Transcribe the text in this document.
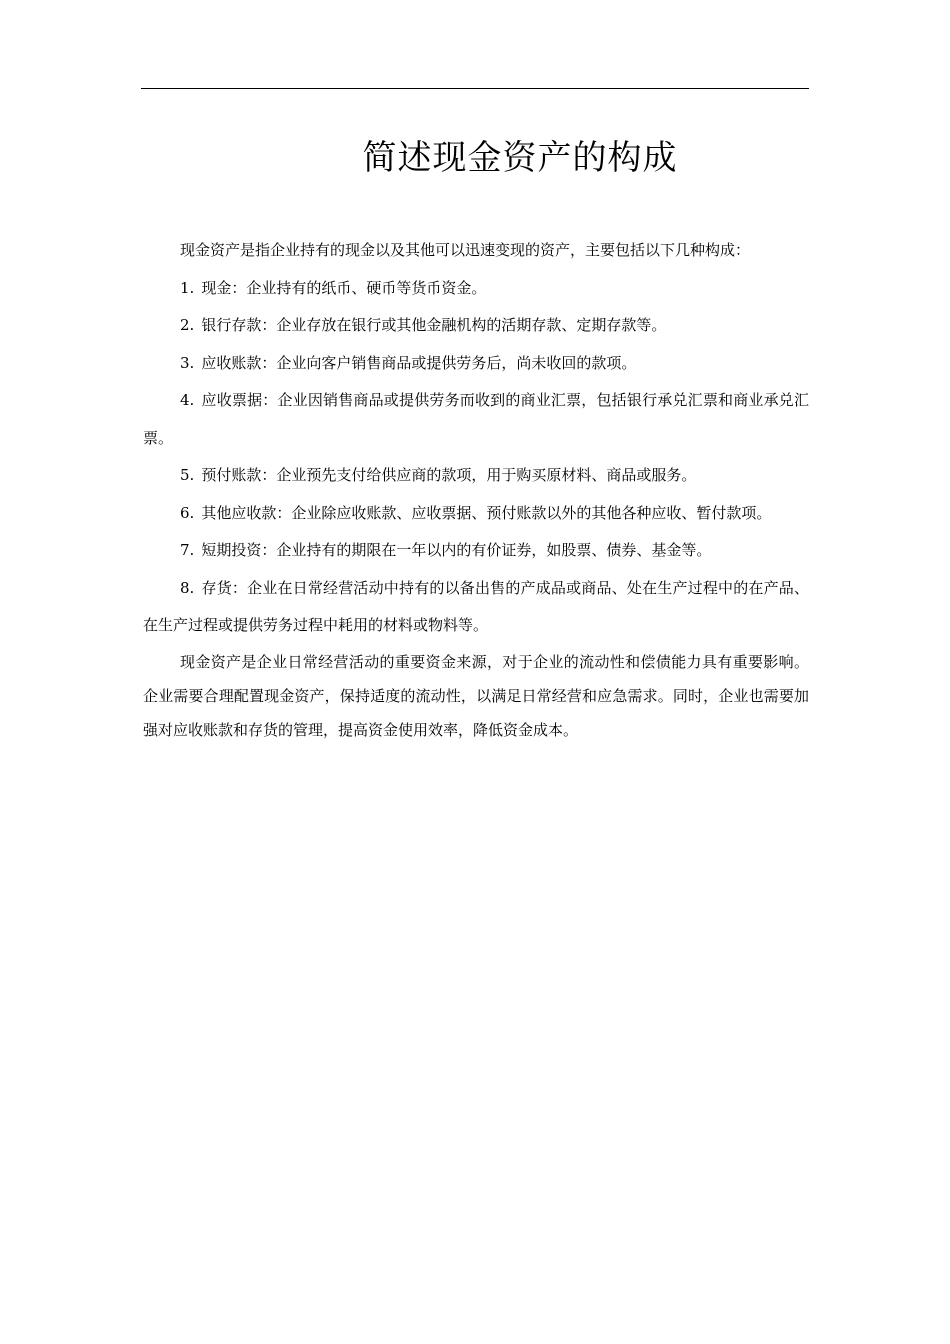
简述现金资产的构成

现金资产是指企业持有的现金以及其他可以迅速变现的资产，主要包括以下几种构成：

1. 现金：企业持有的纸币、硬币等货币资金。

2. 银行存款：企业存放在银行或其他金融机构的活期存款、定期存款等。

3. 应收账款：企业向客户销售商品或提供劳务后，尚未收回的款项。

4. 应收票据：企业因销售商品或提供劳务而收到的商业汇票，包括银行承兑汇票和商业承兑汇票。

5. 预付账款：企业预先支付给供应商的款项，用于购买原材料、商品或服务。

6. 其他应收款：企业除应收账款、应收票据、预付账款以外的其他各种应收、暂付款项。

7. 短期投资：企业持有的期限在一年以内的有价证券，如股票、债券、基金等。

8. 存货：企业在日常经营活动中持有的以备出售的产成品或商品、处在生产过程中的在产品、在生产过程或提供劳务过程中耗用的材料或物料等。

现金资产是企业日常经营活动的重要资金来源，对于企业的流动性和偿债能力具有重要影响。企业需要合理配置现金资产，保持适度的流动性，以满足日常经营和应急需求。同时，企业也需要加强对应收账款和存货的管理，提高资金使用效率，降低资金成本。
